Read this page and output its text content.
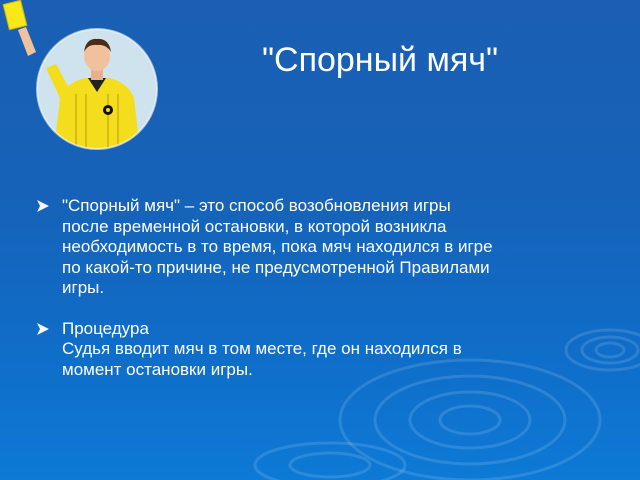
"Спорный мяч"
"Спорный мяч" – это способ возобновления игры
после временной остановки, в которой возникла
необходимость в то время, пока мяч находился в игре
по какой-то причине, не предусмотренной Правилами
игры.
Процедура
Судья вводит мяч в том месте, где он находился в
момент остановки игры.
